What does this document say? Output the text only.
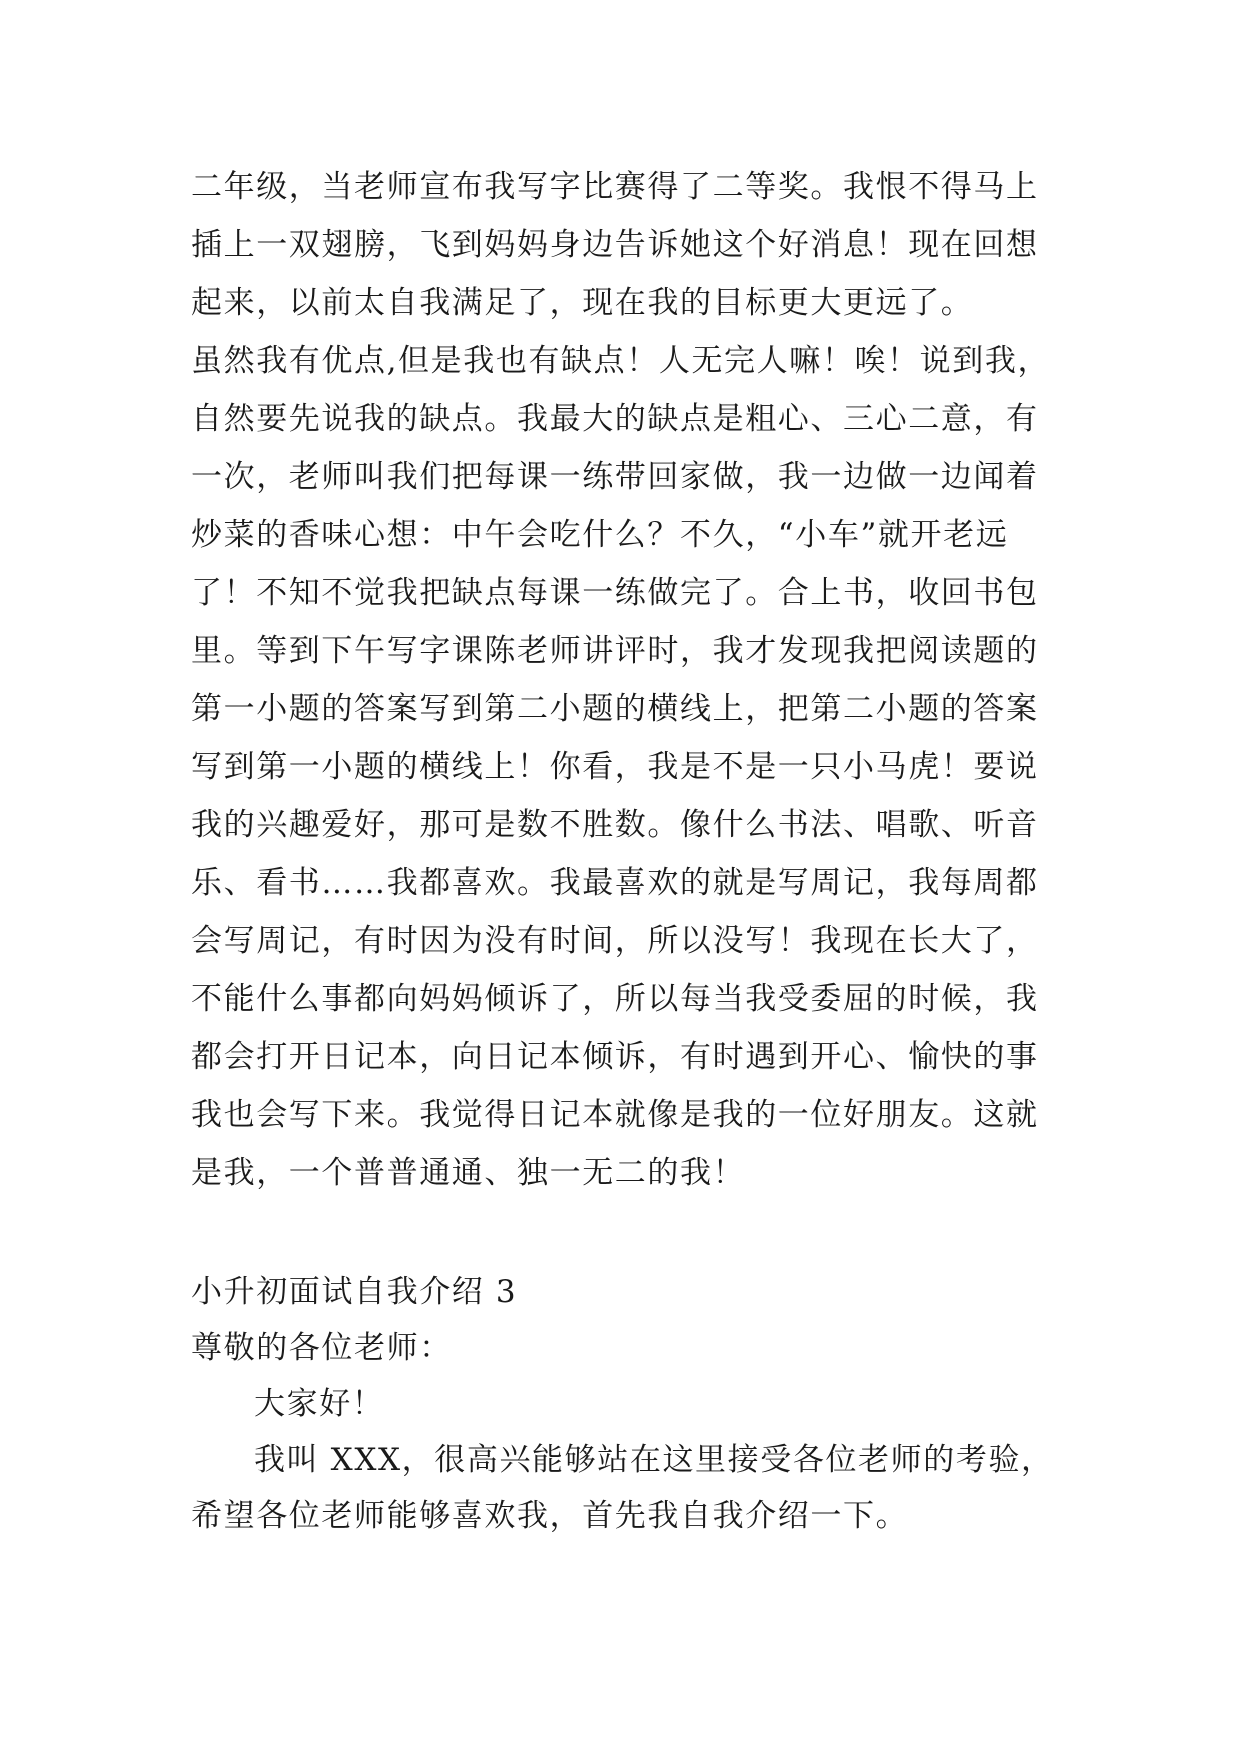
二年级，当老师宣布我写字比赛得了二等奖。我恨不得马上
插上一双翅膀，飞到妈妈身边告诉她这个好消息！现在回想
起来，以前太自我满足了，现在我的目标更大更远了。
虽然我有优点,但是我也有缺点！人无完人嘛！唉！说到我，
自然要先说我的缺点。我最大的缺点是粗心、三心二意，有
一次，老师叫我们把每课一练带回家做，我一边做一边闻着
炒菜的香味心想：中午会吃什么？不久，“小车”就开老远
了！不知不觉我把缺点每课一练做完了。合上书，收回书包
里。等到下午写字课陈老师讲评时，我才发现我把阅读题的
第一小题的答案写到第二小题的横线上，把第二小题的答案
写到第一小题的横线上！你看，我是不是一只小马虎！要说
我的兴趣爱好，那可是数不胜数。像什么书法、唱歌、听音
乐、看书……我都喜欢。我最喜欢的就是写周记，我每周都
会写周记，有时因为没有时间，所以没写！我现在长大了，
不能什么事都向妈妈倾诉了，所以每当我受委屈的时候，我
都会打开日记本，向日记本倾诉，有时遇到开心、愉快的事
我也会写下来。我觉得日记本就像是我的一位好朋友。这就
是我，一个普普通通、独一无二的我！
小升初面试自我介绍 3
尊敬的各位老师：
大家好！
我叫 XXX，很高兴能够站在这里接受各位老师的考验，
希望各位老师能够喜欢我，首先我自我介绍一下。
